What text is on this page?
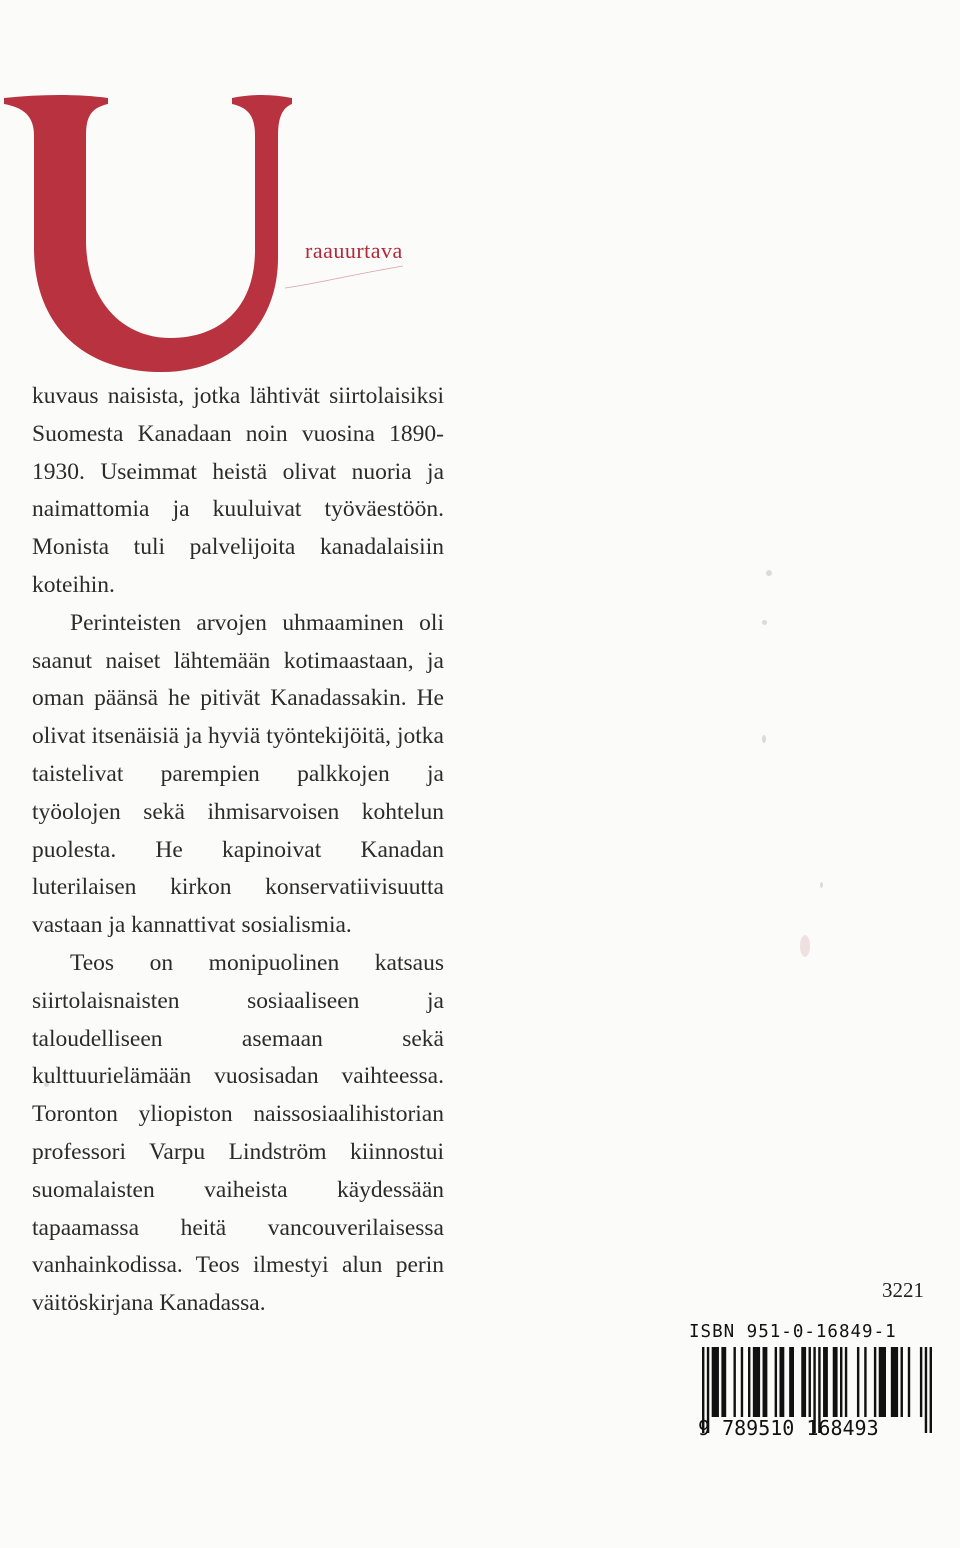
raauurtava

kuvaus naisista, jotka lähtivät siirtolaisiksi Suomesta Kanadaan noin vuosina 1890-1930. Useimmat heistä olivat nuoria ja naimattomia ja kuuluivat työväestöön. Monista tuli palvelijoita kanadalaisiin koteihin.

Perinteisten arvojen uhmaaminen oli saanut naiset lähtemään kotimaastaan, ja oman päänsä he pitivät Kanadassakin. He olivat itsenäisiä ja hyviä työntekijöitä, jotka taistelivat parempien palkkojen ja työolojen sekä ihmisarvoisen kohtelun puolesta. He kapinoivat Kanadan luterilaisen kirkon konservatiivisuutta vastaan ja kannattivat sosialismia.

Teos on monipuolinen katsaus siirtolaisnaisten sosiaaliseen ja taloudelliseen asemaan sekä kulttuurielämään vuosisadan vaihteessa. Toronton yliopiston naissosiaalihistorian professori Varpu Lindström kiinnostui suomalaisten vaiheista käydessään tapaamassa heitä vancouverilaisessa vanhainkodissa. Teos ilmestyi alun perin väitöskirjana Kanadassa.

3221
ISBN 951-0-16849-1
9 789510 168493
